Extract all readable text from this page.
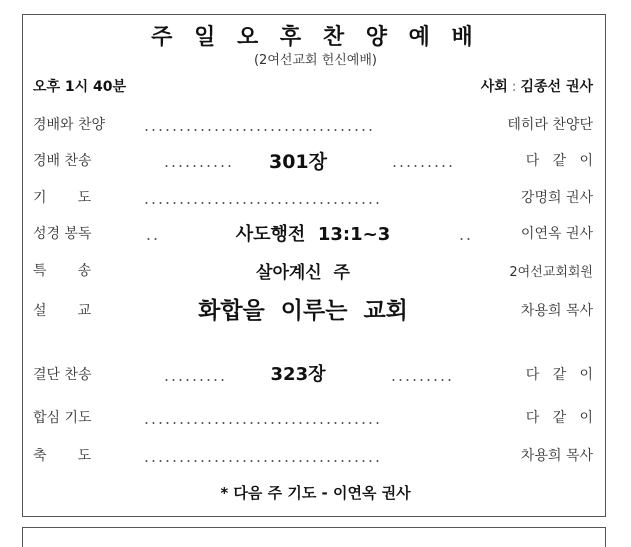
주 일 오 후 찬 양 예 배
(2여선교회 헌신예배)
오후 1시 40분	사회 : 김종선 권사
경배와 찬양	테히라 찬양단
경배 찬송	301장	다   같   이
기       도	강명희 권사
성경 봉독	사도행전  13:1~3	이연옥 권사
특       송	살아계신  주	2여선교회회원
설       교	화합을  이루는  교회	차용희 목사
결단 찬송	323장	다   같   이
합심 기도	다   같   이
축       도	차용희 목사
* 다음 주 기도 - 이연옥 권사
